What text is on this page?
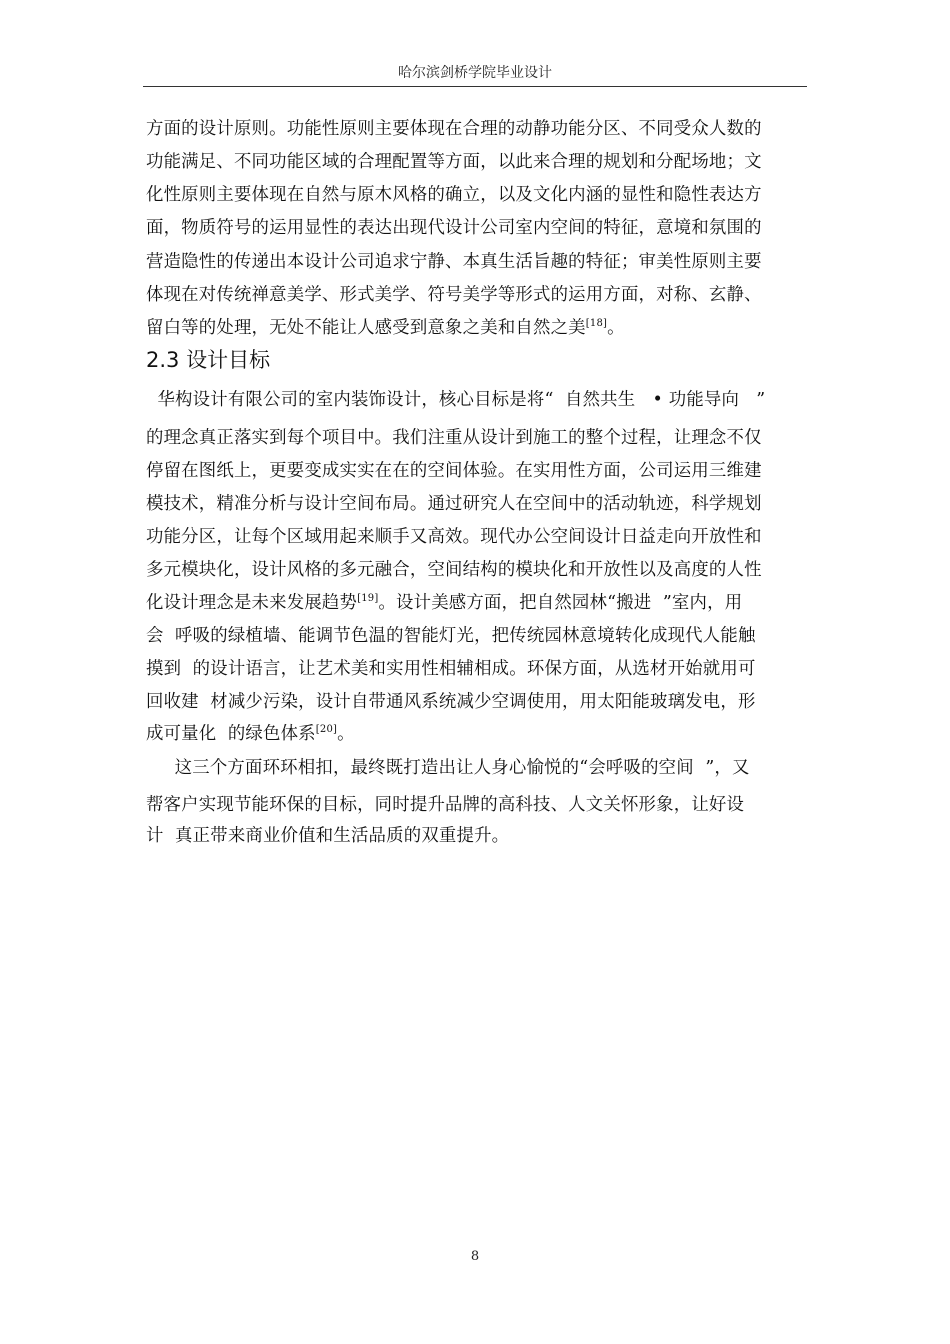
哈尔滨剑桥学院毕业设计
方面的设计原则。功能性原则主要体现在合理的动静功能分区、不同受众人数的
功能满足、不同功能区域的合理配置等方面，以此来合理的规划和分配场地；文
化性原则主要体现在自然与原木风格的确立，以及文化内涵的显性和隐性表达方
面，物质符号的运用显性的表达出现代设计公司室内空间的特征，意境和氛围的
营造隐性的传递出本设计公司追求宁静、本真生活旨趣的特征；审美性原则主要
体现在对传统禅意美学、形式美学、符号美学等形式的运用方面，对称、玄静、
留白等的处理，无处不能让人感受到意象之美和自然之美[18]。
2.3 设计目标
华构设计有限公司的室内装饰设计，核心目标是将“  自然共生   • 功能导向   ”
的理念真正落实到每个项目中。我们注重从设计到施工的整个过程，让理念不仅
停留在图纸上，更要变成实实在在的空间体验。在实用性方面，公司运用三维建
模技术，精准分析与设计空间布局。通过研究人在空间中的活动轨迹，科学规划
功能分区，让每个区域用起来顺手又高效。现代办公空间设计日益走向开放性和
多元模块化，设计风格的多元融合，空间结构的模块化和开放性以及高度的人性
化设计理念是未来发展趋势[19]。设计美感方面，把自然园林“搬进  ”室内，用
会  呼吸的绿植墙、能调节色温的智能灯光，把传统园林意境转化成现代人能触
摸到  的设计语言，让艺术美和实用性相辅相成。环保方面，从选材开始就用可
回收建  材减少污染，设计自带通风系统减少空调使用，用太阳能玻璃发电，形
成可量化  的绿色体系[20]。
这三个方面环环相扣，最终既打造出让人身心愉悦的“会呼吸的空间  ”，又
帮客户实现节能环保的目标，同时提升品牌的高科技、人文关怀形象，让好设
计  真正带来商业价值和生活品质的双重提升。
8
